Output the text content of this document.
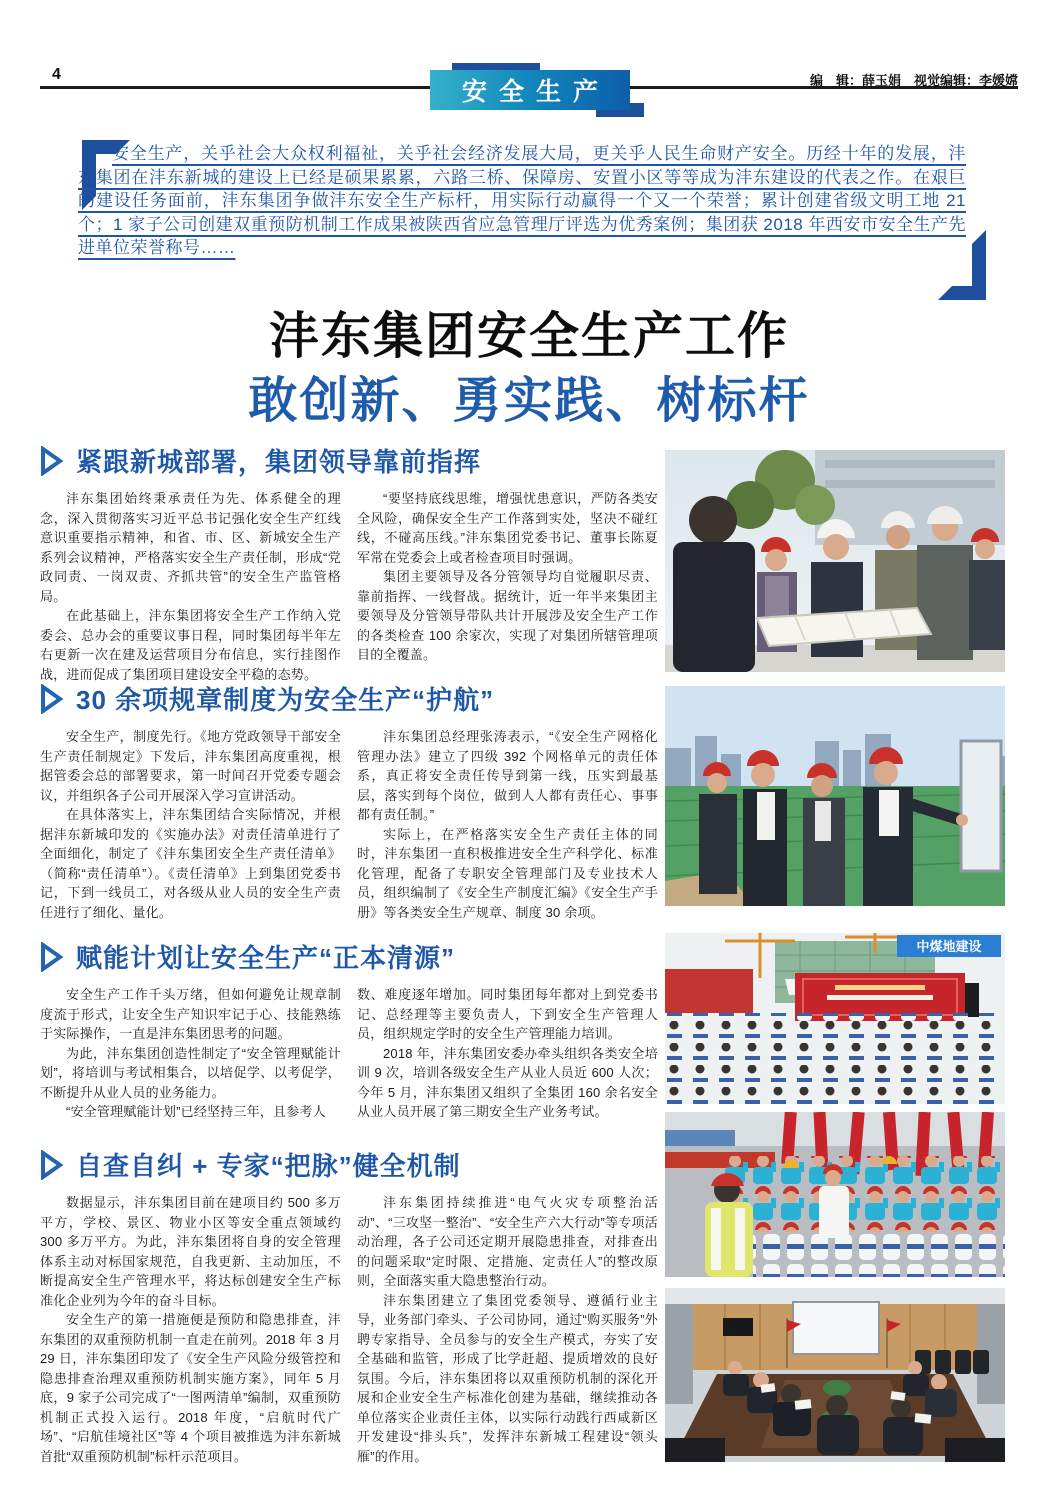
4
安全生产	编　辑：薛玉娟　视觉编辑：李媛嫦
安全生产，关乎社会大众权利福祉，关乎社会经济发展大局，更关乎人民生命财产安全。历经十年的发展，沣东集团在沣东新城的建设上已经是硕果累累，六路三桥、保障房、安置小区等等成为沣东建设的代表之作。在艰巨的建设任务面前，沣东集团争做沣东安全生产标杆，用实际行动赢得一个又一个荣誉；累计创建省级文明工地 21 个；1 家子公司创建双重预防机制工作成果被陕西省应急管理厅评选为优秀案例；集团获 2018 年西安市安全生产先进单位荣誉称号……
沣东集团安全生产工作
敢创新、勇实践、树标杆
紧跟新城部署，集团领导靠前指挥

沣东集团始终秉承责任为先、体系健全的理念，深入贯彻落实习近平总书记强化安全生产红线意识重要指示精神，和省、市、区、新城安全生产系列会议精神，严格落实安全生产责任制，形成“党政同责、一岗双责、齐抓共管”的安全生产监管格局。

在此基础上，沣东集团将安全生产工作纳入党委会、总办会的重要议事日程，同时集团每半年左右更新一次在建及运营项目分布信息，实行挂图作战，进而促成了集团项目建设安全平稳的态势。

“要坚持底线思维，增强忧患意识，严防各类安全风险，确保安全生产工作落到实处，坚决不碰红线，不碰高压线。”沣东集团党委书记、董事长陈夏军常在党委会上或者检查项目时强调。

集团主要领导及各分管领导均自觉履职尽责、靠前指挥、一线督战。据统计，近一年半来集团主要领导及分管领导带队共计开展涉及安全生产工作的各类检查 100 余家次，实现了对集团所辖管理项目的全覆盖。

30 余项规章制度为安全生产“护航”

安全生产，制度先行。《地方党政领导干部安全生产责任制规定》下发后，沣东集团高度重视，根据管委会总的部署要求，第一时间召开党委专题会议，并组织各子公司开展深入学习宣讲活动。

在具体落实上，沣东集团结合实际情况，并根据沣东新城印发的《实施办法》对责任清单进行了全面细化，制定了《沣东集团安全生产责任清单》（简称“责任清单”）。《责任清单》上到集团党委书记，下到一线员工，对各级从业人员的安全生产责任进行了细化、量化。

沣东集团总经理张涛表示，“《安全生产网格化管理办法》建立了四级 392 个网格单元的责任体系，真正将安全责任传导到第一线，压实到最基层，落实到每个岗位，做到人人都有责任心、事事都有责任制。”

实际上，在严格落实安全生产责任主体的同时，沣东集团一直积极推进安全生产科学化、标准化管理，配备了专职安全管理部门及专业技术人员，组织编制了《安全生产制度汇编》《安全生产手册》等各类安全生产规章、制度 30 余项。

赋能计划让安全生产“正本清源”

安全生产工作千头万绪，但如何避免让规章制度流于形式，让安全生产知识牢记于心、技能熟练于实际操作，一直是沣东集团思考的问题。

为此，沣东集团创造性制定了“安全管理赋能计划”，将培训与考试相集合，以培促学、以考促学，不断提升从业人员的业务能力。

“安全管理赋能计划”已经坚持三年，且参考人

数、难度逐年增加。同时集团每年都对上到党委书记、总经理等主要负责人，下到安全生产管理人员，组织规定学时的安全生产管理能力培训。

2018 年，沣东集团安委办牵头组织各类安全培训 9 次，培训各级安全生产从业人员近 600 人次；今年 5 月，沣东集团又组织了全集团 160 余名安全从业人员开展了第三期安全生产业务考试。

自查自纠 + 专家“把脉”健全机制

数据显示，沣东集团目前在建项目约 500 多万平方，学校、景区、物业小区等安全重点领域约 300 多万平方。为此，沣东集团将自身的安全管理体系主动对标国家规范，自我更新、主动加压，不断提高安全生产管理水平，将达标创建安全生产标准化企业列为今年的奋斗目标。

安全生产的第一措施便是预防和隐患排查，沣东集团的双重预防机制一直走在前列。2018 年 3 月 29 日，沣东集团印发了《安全生产风险分级管控和隐患排查治理双重预防机制实施方案》，同年 5 月底，9 家子公司完成了“一图两清单”编制，双重预防机制正式投入运行。2018 年度，“启航时代广场”、“启航佳境社区”等 4 个项目被推选为沣东新城首批“双重预防机制”标杆示范项目。

沣东集团持续推进“电气火灾专项整治活动”、“三攻坚一整治”、“安全生产六大行动”等专项活动治理，各子公司还定期开展隐患排查，对排查出的问题采取“定时限、定措施、定责任人”的整改原则，全面落实重大隐患整治行动。

沣东集团建立了集团党委领导、遵循行业主导，业务部门牵头、子公司协同，通过“购买服务”外聘专家指导、全员参与的安全生产模式，夯实了安全基础和监管，形成了比学赶超、提质增效的良好氛围。今后，沣东集团将以双重预防机制的深化开展和企业安全生产标准化创建为基础，继续推动各单位落实企业责任主体，以实际行动践行西咸新区开发建设“排头兵”，发挥沣东新城工程建设“领头雁”的作用。

中煤地建设
